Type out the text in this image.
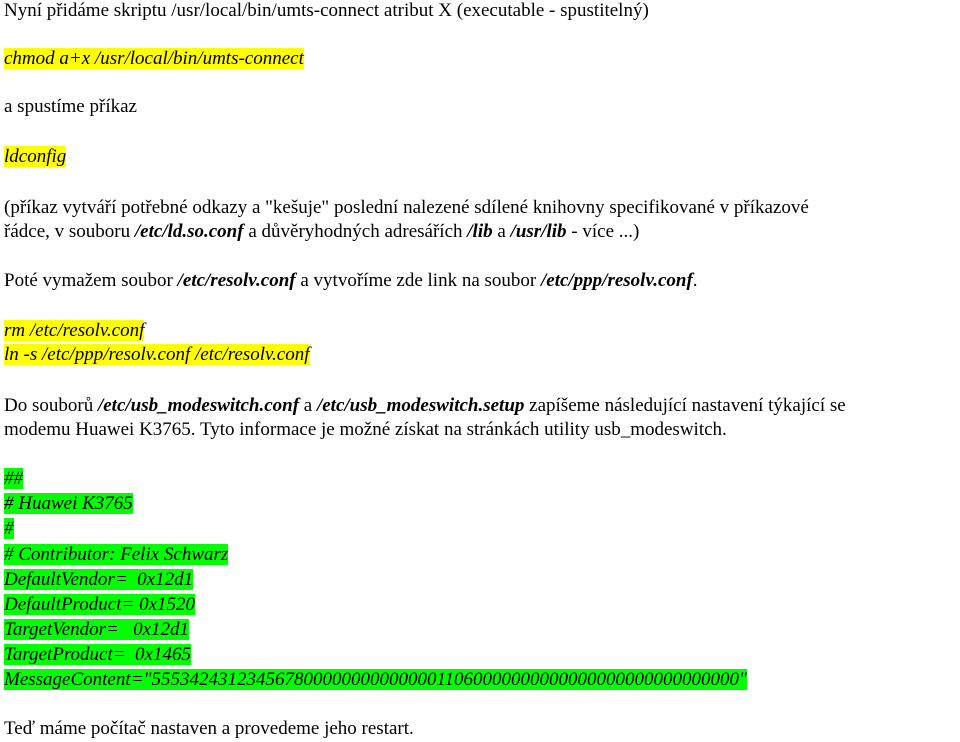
Nyní přidáme skriptu /usr/local/bin/umts-connect atribut X (executable - spustitelný)
chmod a+x /usr/local/bin/umts-connect
a spustíme příkaz
ldconfig
(příkaz vytváří potřebné odkazy a "kešuje" poslední nalezené sdílené knihovny specifikované v příkazové
řádce, v souboru /etc/ld.so.conf a důvěryhodných adresářích /lib a /usr/lib - více ...)
Poté vymažem soubor /etc/resolv.conf a vytvoříme zde link na soubor /etc/ppp/resolv.conf.
rm /etc/resolv.conf
ln -s /etc/ppp/resolv.conf /etc/resolv.conf
Do souborů /etc/usb_modeswitch.conf a /etc/usb_modeswitch.setup zapíšeme následující nastavení týkající se
modemu Huawei K3765. Tyto informace je možné získat na stránkách utility usb_modeswitch.
##
# Huawei K3765
#
# Contributor: Felix Schwarz
DefaultVendor=  0x12d1
DefaultProduct= 0x1520
TargetVendor=   0x12d1
TargetProduct=  0x1465
MessageContent="55534243123456780000000000000011060000000000000000000000000000"
Teď máme počítač nastaven a provedeme jeho restart.
